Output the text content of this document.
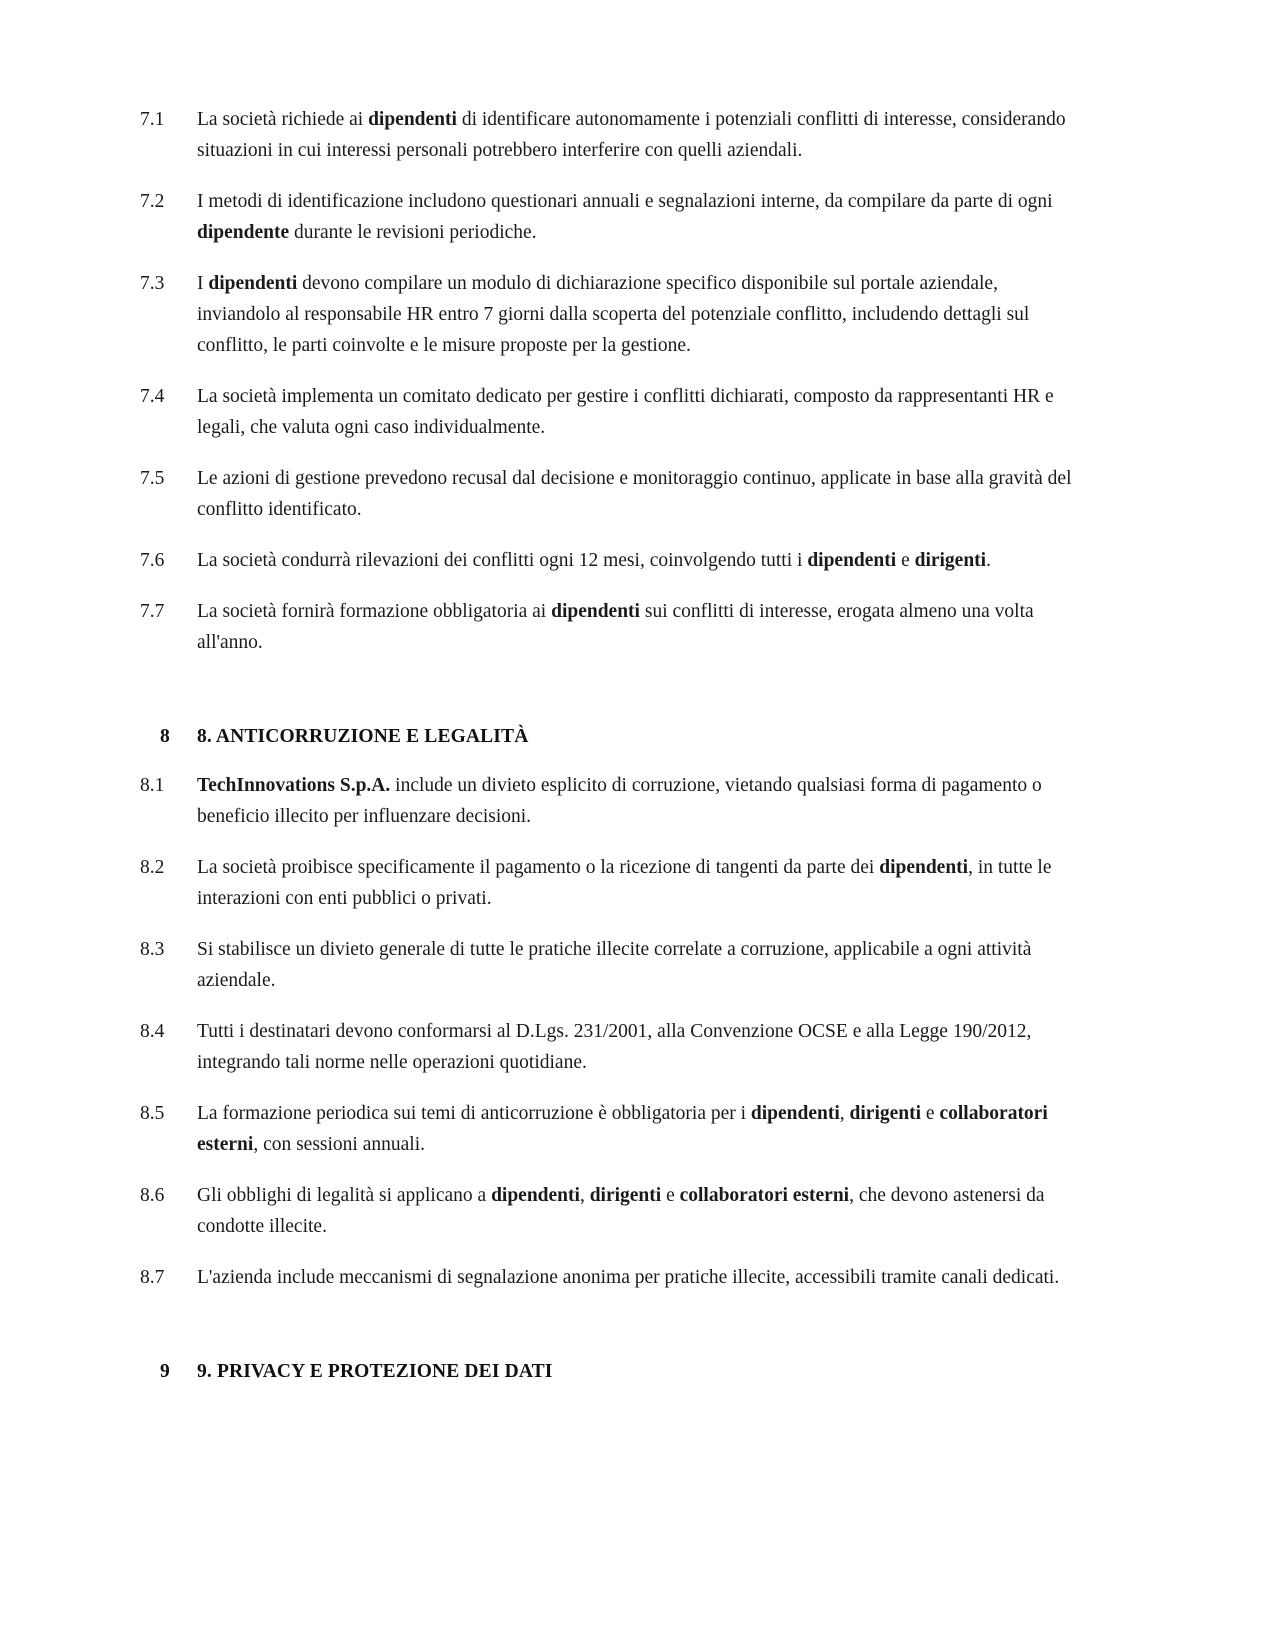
7.1	La società richiede ai dipendenti di identificare autonomamente i potenziali conflitti di interesse, considerando situazioni in cui interessi personali potrebbero interferire con quelli aziendali.
7.2	I metodi di identificazione includono questionari annuali e segnalazioni interne, da compilare da parte di ogni dipendente durante le revisioni periodiche.
7.3	I dipendenti devono compilare un modulo di dichiarazione specifico disponibile sul portale aziendale, inviandolo al responsabile HR entro 7 giorni dalla scoperta del potenziale conflitto, includendo dettagli sul conflitto, le parti coinvolte e le misure proposte per la gestione.
7.4	La società implementa un comitato dedicato per gestire i conflitti dichiarati, composto da rappresentanti HR e legali, che valuta ogni caso individualmente.
7.5	Le azioni di gestione prevedono recusal dal decisione e monitoraggio continuo, applicate in base alla gravità del conflitto identificato.
7.6	La società condurrà rilevazioni dei conflitti ogni 12 mesi, coinvolgendo tutti i dipendenti e dirigenti.
7.7	La società fornirà formazione obbligatoria ai dipendenti sui conflitti di interesse, erogata almeno una volta all'anno.
8	8. ANTICORRUZIONE E LEGALITÀ
8.1	TechInnovations S.p.A. include un divieto esplicito di corruzione, vietando qualsiasi forma di pagamento o beneficio illecito per influenzare decisioni.
8.2	La società proibisce specificamente il pagamento o la ricezione di tangenti da parte dei dipendenti, in tutte le interazioni con enti pubblici o privati.
8.3	Si stabilisce un divieto generale di tutte le pratiche illecite correlate a corruzione, applicabile a ogni attività aziendale.
8.4	Tutti i destinatari devono conformarsi al D.Lgs. 231/2001, alla Convenzione OCSE e alla Legge 190/2012, integrando tali norme nelle operazioni quotidiane.
8.5	La formazione periodica sui temi di anticorruzione è obbligatoria per i dipendenti, dirigenti e collaboratori esterni, con sessioni annuali.
8.6	Gli obblighi di legalità si applicano a dipendenti, dirigenti e collaboratori esterni, che devono astenersi da condotte illecite.
8.7	L'azienda include meccanismi di segnalazione anonima per pratiche illecite, accessibili tramite canali dedicati.
9	9. PRIVACY E PROTEZIONE DEI DATI
